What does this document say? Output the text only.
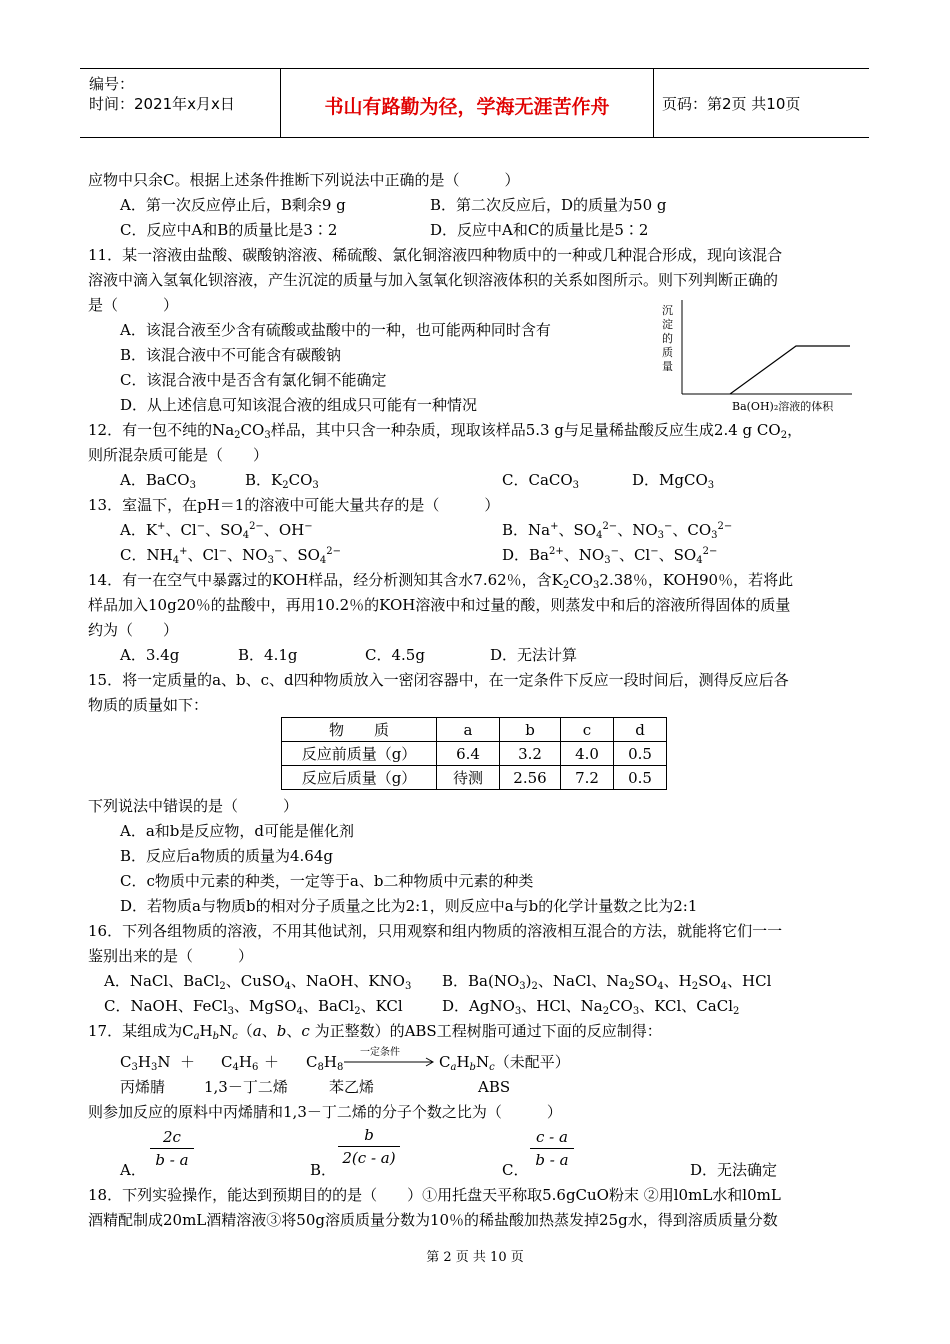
编号：
时间：2021年x月x日	书山有路勤为径，学海无涯苦作舟	页码：第2页 共10页
应物中只余C。根据上述条件推断下列说法中正确的是（　　　）
A．第一次反应停止后，B剩余9 g	B．第二次反应后，D的质量为50 g
C．反应中A和B的质量比是3∶2	D．反应中A和C的质量比是5∶2
11．某一溶液由盐酸、碳酸钠溶液、稀硫酸、氯化铜溶液四种物质中的一种或几种混合形成，现向该混合
溶液中滴入氢氧化钡溶液，产生沉淀的质量与加入氢氧化钡溶液体积的关系如图所示。则下列判断正确的
是（　　　）
A．该混合液至少含有硫酸或盐酸中的一种，也可能两种同时含有
B．该混合液中不可能含有碳酸钠
C．该混合液中是否含有氯化铜不能确定
D．从上述信息可知该混合液的组成只可能有一种情况
沉淀的质量
Ba(OH)₂溶液的体积
12．有一包不纯的$Na_2CO_3$样品，其中只含一种杂质，现取该样品5.3 g与足量稀盐酸反应生成2.4 g $CO_2$，
则所混杂质可能是（　　）
A．BaCO$_3$	B．$K_2CO_3$	C．CaCO$_3$	D．MgCO$_3$
13．室温下，在pH＝1的溶液中可能大量共存的是（　　　）
A．K+、Cl−、$SO_4^{2-}$、OH−	B．Na+、$SO_4^{2-}$、$NO_3^-$、$CO_3^{2-}$
C．$NH_4^+$、Cl−、$NO_3^-$、$SO_4^{2-}$	D．$Ba^{2+}$、$NO_3^-$、Cl−、$SO_4^{2-}$
14．有一在空气中暴露过的KOH样品，经分析测知其含水7.62％，含$K_2CO_32.38$％，KOH90％，若将此
样品加入10g20％的盐酸中，再用10.2％的KOH溶液中和过量的酸，则蒸发中和后的溶液所得固体的质量
约为（　　）
A．3.4g	B．4.1g	C．4.5g	D．无法计算
15．将一定质量的a、b、c、d四种物质放入一密闭容器中，在一定条件下反应一段时间后，测得反应后各
物质的质量如下：
物　　质	a	b	c	d
反应前质量（g）	6.4	3.2	4.0	0.5
反应后质量（g）	待测	2.56	7.2	0.5
下列说法中错误的是（　　　）
A．a和b是反应物，d可能是催化剂
B．反应后a物质的质量为4.64g
C．c物质中元素的种类，一定等于a、b二种物质中元素的种类
D．若物质a与物质b的相对分子质量之比为2:1，则反应中a与b的化学计量数之比为2:1
16．下列各组物质的溶液，不用其他试剂，只用观察和组内物质的溶液相互混合的方法，就能将它们一一
鉴别出来的是（　　　）
A．NaCl、BaCl$_2$、CuSO$_4$、NaOH、$KNO_3$ B．$Ba(NO_3)_2$、NaCl、$Na_2SO_4$、$H_2SO_4$、HCl
C．NaOH、FeCl$_3$、MgSO$_4$、BaCl$_2$、KCl	D．AgNO$_3$、HCl、$Na_2CO_3$、KCl、CaCl$_2$
17．某组成为$C_aH_bN_c(a$、b、c 为正整数）的ABS工程树脂可通过下面的反应制得：
$C_3H_3N + C_4H_6 + C_8H_8$
一定条件
$C_aH_bN_c$（未配平）
丙烯腈	1,3－丁二烯	苯乙烯	ABS
则参加反应的原料中丙烯腈和1,3－丁二烯的分子个数之比为（　　　）
A．
2c
b - a
B．
b
2(c - a)
C．
c - a
b - a
D．无法确定
18．下列实验操作，能达到预期目的的是（　　）①用托盘天平称取5.6gCuO粉末 ②用l0mL水和l0mL
酒精配制成20mL酒精溶液③将50g溶质质量分数为10％的稀盐酸加热蒸发掉25g水，得到溶质质量分数
第 2 页 共 10 页
